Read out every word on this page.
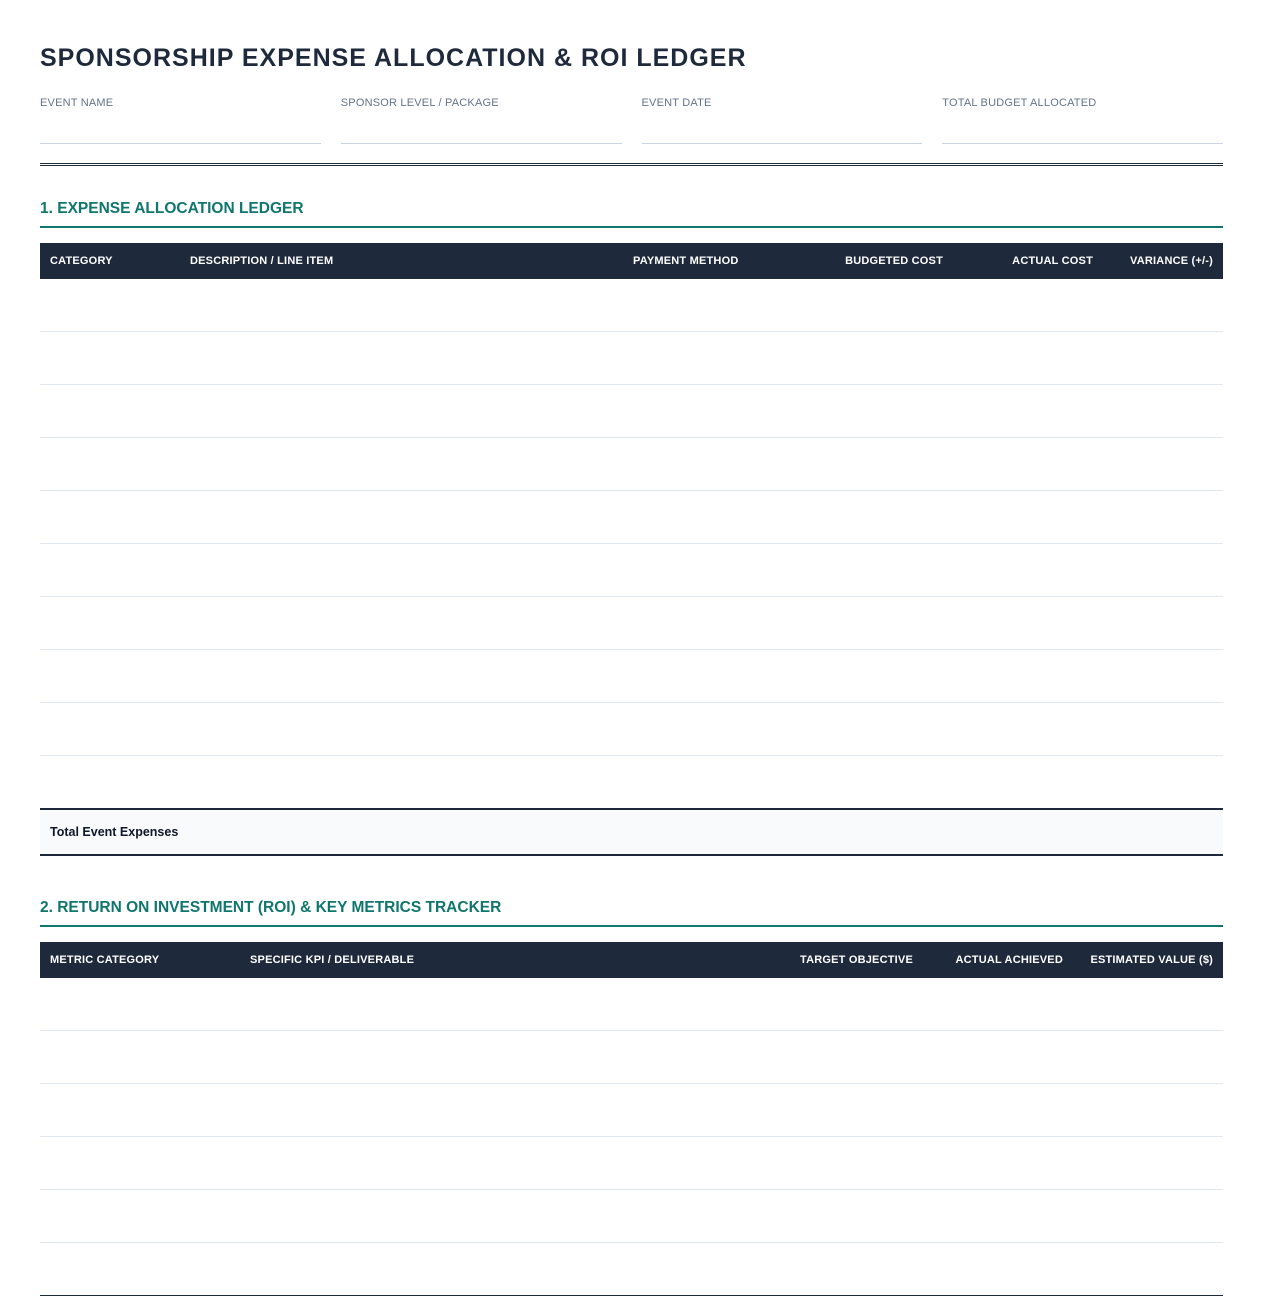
SPONSORSHIP EXPENSE ALLOCATION & ROI LEDGER
EVENT NAME	SPONSOR LEVEL / PACKAGE	EVENT DATE	TOTAL BUDGET ALLOCATED
1. EXPENSE ALLOCATION LEDGER
CATEGORY	DESCRIPTION / LINE ITEM	PAYMENT METHOD	BUDGETED COST	ACTUAL COST	VARIANCE (+/-)

Total Event Expenses					
2. RETURN ON INVESTMENT (ROI) & KEY METRICS TRACKER
METRIC CATEGORY	SPECIFIC KPI / DELIVERABLE	TARGET OBJECTIVE	ACTUAL ACHIEVED	ESTIMATED VALUE ($)
